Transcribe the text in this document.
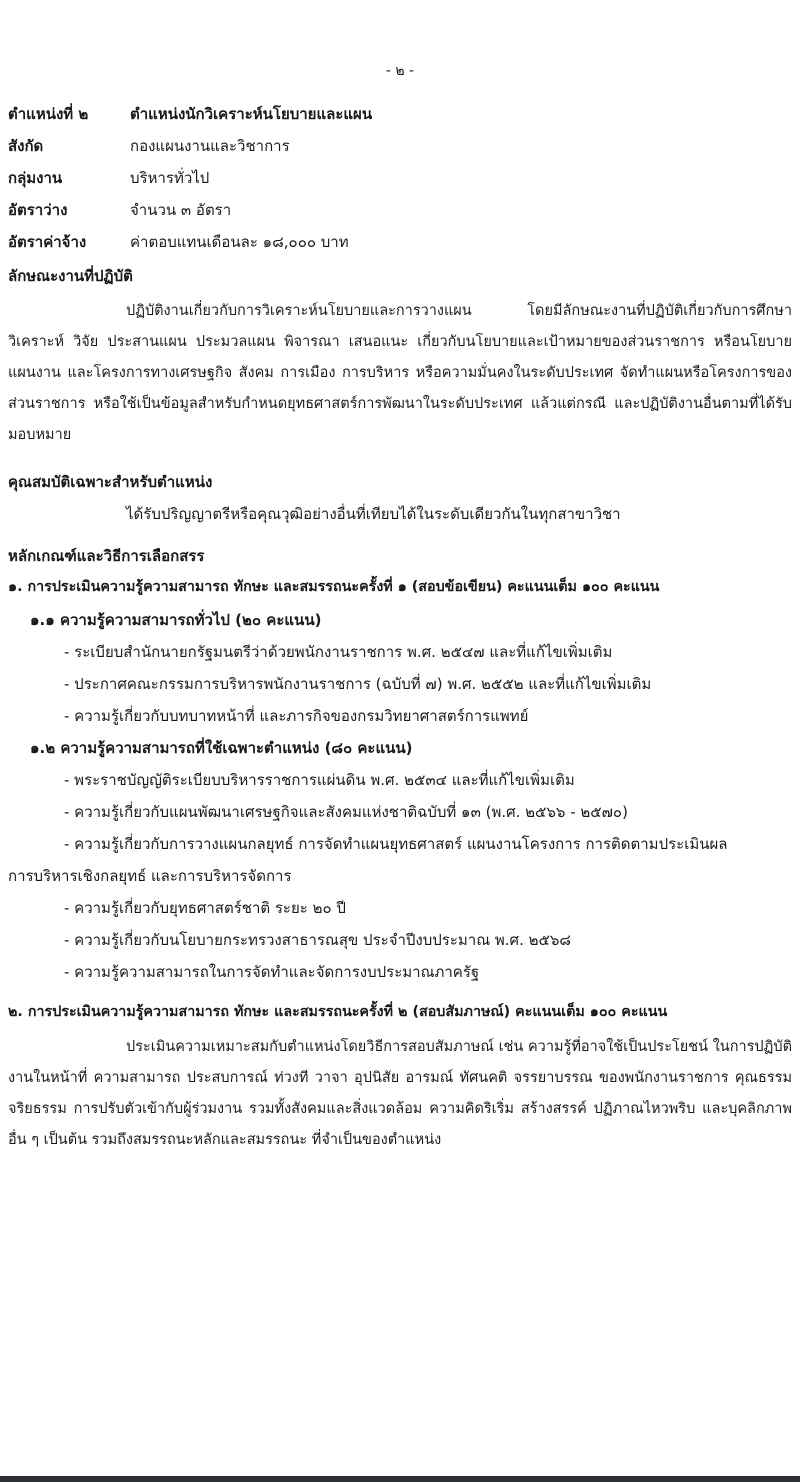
- ๒ -
ตำแหน่งที่ ๒	ตำแหน่งนักวิเคราะห์นโยบายและแผน
สังกัด	กองแผนงานและวิชาการ
กลุ่มงาน	บริหารทั่วไป
อัตราว่าง	จำนวน ๓ อัตรา
อัตราค่าจ้าง	ค่าตอบแทนเดือนละ ๑๘,๐๐๐ บาท
ลักษณะงานที่ปฏิบัติ
ปฏิบัติงานเกี่ยวกับการวิเคราะห์นโยบายและการวางแผน โดยมีลักษณะงานที่ปฏิบัติเกี่ยวกับการศึกษา วิเคราะห์ วิจัย ประสานแผน ประมวลแผน พิจารณา เสนอแนะ เกี่ยวกับนโยบายและเป้าหมายของส่วนราชการ หรือนโยบาย แผนงาน และโครงการทางเศรษฐกิจ สังคม การเมือง การบริหาร หรือความมั่นคงในระดับประเทศ จัดทำแผนหรือโครงการของส่วนราชการ หรือใช้เป็นข้อมูลสำหรับกำหนดยุทธศาสตร์การพัฒนาในระดับประเทศ แล้วแต่กรณี และปฏิบัติงานอื่นตามที่ได้รับมอบหมาย
คุณสมบัติเฉพาะสำหรับตำแหน่ง
ได้รับปริญญาตรีหรือคุณวุฒิอย่างอื่นที่เทียบได้ในระดับเดียวกันในทุกสาขาวิชา
หลักเกณฑ์และวิธีการเลือกสรร
๑. การประเมินความรู้ความสามารถ ทักษะ และสมรรถนะครั้งที่ ๑ (สอบข้อเขียน) คะแนนเต็ม ๑๐๐ คะแนน
๑.๑ ความรู้ความสามารถทั่วไป (๒๐ คะแนน)
- ระเบียบสำนักนายกรัฐมนตรีว่าด้วยพนักงานราชการ พ.ศ. ๒๕๔๗ และที่แก้ไขเพิ่มเติม
- ประกาศคณะกรรมการบริหารพนักงานราชการ (ฉบับที่ ๗) พ.ศ. ๒๕๕๒ และที่แก้ไขเพิ่มเติม
- ความรู้เกี่ยวกับบทบาทหน้าที่ และภารกิจของกรมวิทยาศาสตร์การแพทย์
๑.๒ ความรู้ความสามารถที่ใช้เฉพาะตำแหน่ง (๘๐ คะแนน)
- พระราชบัญญัติระเบียบบริหารราชการแผ่นดิน พ.ศ. ๒๕๓๔ และที่แก้ไขเพิ่มเติม
- ความรู้เกี่ยวกับแผนพัฒนาเศรษฐกิจและสังคมแห่งชาติฉบับที่ ๑๓ (พ.ศ. ๒๕๖๖ - ๒๕๗๐)
- ความรู้เกี่ยวกับการวางแผนกลยุทธ์ การจัดทำแผนยุทธศาสตร์ แผนงานโครงการ การติดตามประเมินผล
การบริหารเชิงกลยุทธ์ และการบริหารจัดการ
- ความรู้เกี่ยวกับยุทธศาสตร์ชาติ ระยะ ๒๐ ปี
- ความรู้เกี่ยวกับนโยบายกระทรวงสาธารณสุข ประจำปีงบประมาณ พ.ศ. ๒๕๖๘
- ความรู้ความสามารถในการจัดทำและจัดการงบประมาณภาครัฐ
๒. การประเมินความรู้ความสามารถ ทักษะ และสมรรถนะครั้งที่ ๒ (สอบสัมภาษณ์) คะแนนเต็ม ๑๐๐ คะแนน
ประเมินความเหมาะสมกับตำแหน่งโดยวิธีการสอบสัมภาษณ์ เช่น ความรู้ที่อาจใช้เป็นประโยชน์ ในการปฏิบัติงานในหน้าที่ ความสามารถ ประสบการณ์ ท่วงที วาจา อุปนิสัย อารมณ์ ทัศนคติ จรรยาบรรณ ของพนักงานราชการ คุณธรรม จริยธรรม การปรับตัวเข้ากับผู้ร่วมงาน รวมทั้งสังคมและสิ่งแวดล้อม ความคิดริเริ่ม สร้างสรรค์ ปฏิภาณไหวพริบ และบุคลิกภาพอื่น ๆ เป็นต้น รวมถึงสมรรถนะหลักและสมรรถนะ ที่จำเป็นของตำแหน่ง
